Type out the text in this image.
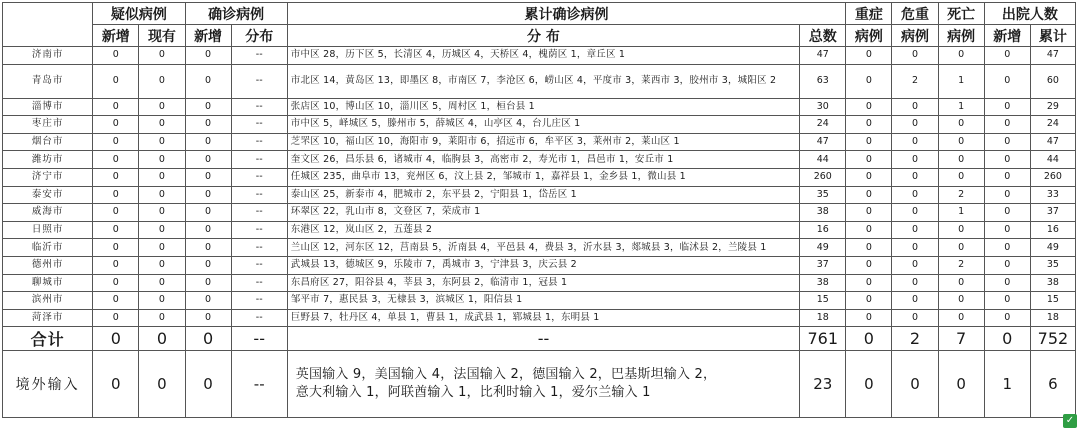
	疑似病例		确诊病例		累计确诊病例		重症	危重	死亡	出院人数	
	新增	现有	新增	分布	分 布	总数	病例	病例	病例	新增	累计
济南市	0	0	0	--	市中区 28，历下区 5，长清区 4，历城区 4，天桥区 4，槐荫区 1，章丘区 1	47	0	0	0	0	47
青岛市	0	0	0	--	市北区 14，黄岛区 13，即墨区 8，市南区 7，李沧区 6，崂山区 4，平度市 3，莱西市 3，胶州市 3，城阳区 2	63	0	2	1	0	60
淄博市	0	0	0	--	张店区 10，博山区 10，淄川区 5，周村区 1，桓台县 1	30	0	0	1	0	29
枣庄市	0	0	0	--	市中区 5，峄城区 5，滕州市 5，薛城区 4，山亭区 4，台儿庄区 1	24	0	0	0	0	24
烟台市	0	0	0	--	芝罘区 10，福山区 10，海阳市 9，莱阳市 6，招远市 6，牟平区 3，莱州市 2，莱山区 1	47	0	0	0	0	47
潍坊市	0	0	0	--	奎文区 26，昌乐县 6，诸城市 4，临朐县 3，高密市 2，寿光市 1，昌邑市 1，安丘市 1	44	0	0	0	0	44
济宁市	0	0	0	--	任城区 235，曲阜市 13，兖州区 6，汶上县 2，邹城市 1，嘉祥县 1，金乡县 1，微山县 1	260	0	0	0	0	260
泰安市	0	0	0	--	泰山区 25，新泰市 4，肥城市 2，东平县 2，宁阳县 1，岱岳区 1	35	0	0	2	0	33
威海市	0	0	0	--	环翠区 22，乳山市 8，文登区 7，荣成市 1	38	0	0	1	0	37
日照市	0	0	0	--	东港区 12，岚山区 2，五莲县 2	16	0	0	0	0	16
临沂市	0	0	0	--	兰山区 12，河东区 12，莒南县 5，沂南县 4，平邑县 4，费县 3，沂水县 3，郯城县 3，临沭县 2，兰陵县 1	49	0	0	0	0	49
德州市	0	0	0	--	武城县 13，德城区 9，乐陵市 7，禹城市 3，宁津县 3，庆云县 2	37	0	0	2	0	35
聊城市	0	0	0	--	东昌府区 27，阳谷县 4，莘县 3，东阿县 2，临清市 1，冠县 1	38	0	0	0	0	38
滨州市	0	0	0	--	邹平市 7，惠民县 3，无棣县 3，滨城区 1，阳信县 1	15	0	0	0	0	15
菏泽市	0	0	0	--	巨野县 7，牡丹区 4，单县 1，曹县 1，成武县 1，郓城县 1，东明县 1	18	0	0	0	0	18
合计	0	0	0	--	--	761	0	2	7	0	752
境外输入	0	0	0	--	英国输入 9，美国输入 4，法国输入 2，德国输入 2，巴基斯坦输入 2，
意大利输入 1，阿联酋输入 1，比利时输入 1，爱尔兰输入 1	23	0	0	0	1	6
✓
